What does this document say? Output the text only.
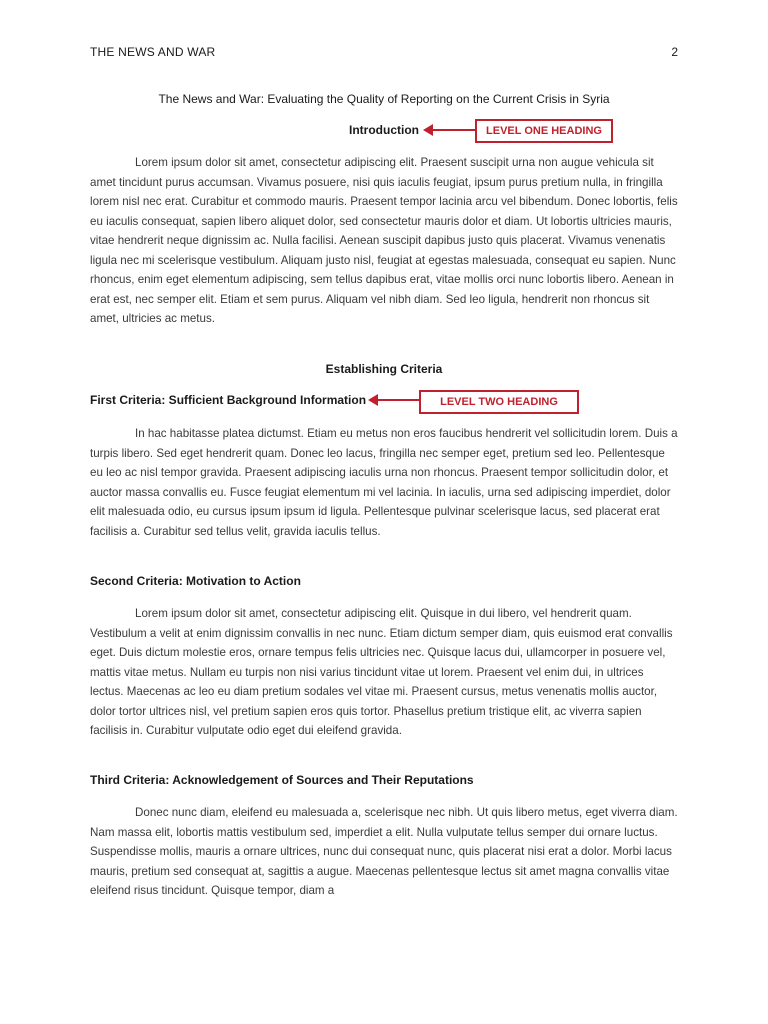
THE NEWS AND WAR	2
The News and War: Evaluating the Quality of Reporting on the Current Crisis in Syria
Introduction	LEVEL ONE HEADING

Lorem ipsum dolor sit amet, consectetur adipiscing elit. Praesent suscipit urna non augue vehicula sit amet tincidunt purus accumsan. Vivamus posuere, nisi quis iaculis feugiat, ipsum purus pretium nulla, in fringilla lorem nisl nec erat. Curabitur et commodo mauris. Praesent tempor lacinia arcu vel bibendum. Donec lobortis, felis eu iaculis consequat, sapien libero aliquet dolor, sed consectetur mauris dolor et diam. Ut lobortis ultricies mauris, vitae hendrerit neque dignissim ac. Nulla facilisi. Aenean suscipit dapibus justo quis placerat. Vivamus venenatis ligula nec mi scelerisque vestibulum. Aliquam justo nisl, feugiat at egestas malesuada, consequat eu sapien. Nunc rhoncus, enim eget elementum adipiscing, sem tellus dapibus erat, vitae mollis orci nunc lobortis libero. Aenean in erat est, nec semper elit. Etiam et sem purus. Aliquam vel nibh diam. Sed leo ligula, hendrerit non rhoncus sit amet, ultricies ac metus.

Establishing Criteria
First Criteria: Sufficient Background Information	LEVEL TWO HEADING

In hac habitasse platea dictumst. Etiam eu metus non eros faucibus hendrerit vel sollicitudin lorem. Duis a turpis libero. Sed eget hendrerit quam. Donec leo lacus, fringilla nec semper eget, pretium sed leo. Pellentesque eu leo ac nisl tempor gravida. Praesent adipiscing iaculis urna non rhoncus. Praesent tempor sollicitudin dolor, et auctor massa convallis eu. Fusce feugiat elementum mi vel lacinia. In iaculis, urna sed adipiscing imperdiet, dolor elit malesuada odio, eu cursus ipsum ipsum id ligula. Pellentesque pulvinar scelerisque lacus, sed placerat erat facilisis a. Curabitur sed tellus velit, gravida iaculis tellus.

Second Criteria: Motivation to Action

Lorem ipsum dolor sit amet, consectetur adipiscing elit. Quisque in dui libero, vel hendrerit quam. Vestibulum a velit at enim dignissim convallis in nec nunc. Etiam dictum semper diam, quis euismod erat convallis eget. Duis dictum molestie eros, ornare tempus felis ultricies nec. Quisque lacus dui, ullamcorper in posuere vel, mattis vitae metus. Nullam eu turpis non nisi varius tincidunt vitae ut lorem. Praesent vel enim dui, in ultrices lectus. Maecenas ac leo eu diam pretium sodales vel vitae mi. Praesent cursus, metus venenatis mollis auctor, dolor tortor ultrices nisl, vel pretium sapien eros quis tortor. Phasellus pretium tristique elit, ac viverra sapien facilisis in. Curabitur vulputate odio eget dui eleifend gravida.

Third Criteria: Acknowledgement of Sources and Their Reputations

Donec nunc diam, eleifend eu malesuada a, scelerisque nec nibh. Ut quis libero metus, eget viverra diam. Nam massa elit, lobortis mattis vestibulum sed, imperdiet a elit. Nulla vulputate tellus semper dui ornare luctus. Suspendisse mollis, mauris a ornare ultrices, nunc dui consequat nunc, quis placerat nisi erat a dolor. Morbi lacus mauris, pretium sed consequat at, sagittis a augue. Maecenas pellentesque lectus sit amet magna convallis vitae eleifend risus tincidunt. Quisque tempor, diam a
